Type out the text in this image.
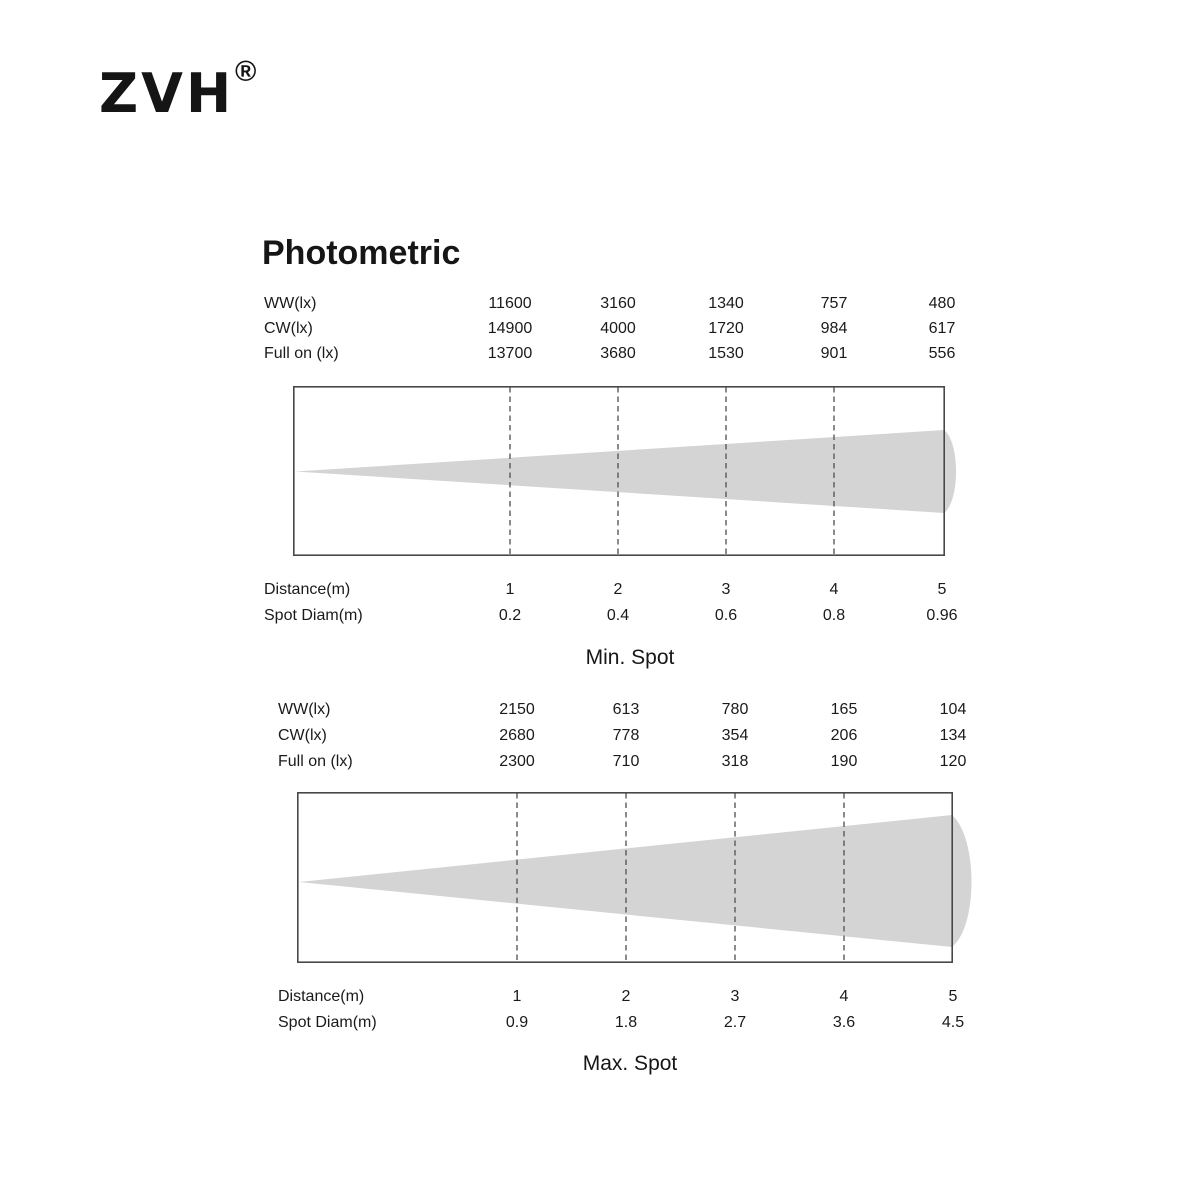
ZVH ®
Photometric
WW(lx)	11600	3160	1340	757	480
CW(lx)	14900	4000	1720	984	617
Full on (lx)	13700	3680	1530	901	556
Distance(m)	1	2	3	4	5
Spot Diam(m)	0.2	0.4	0.6	0.8	0.96
Min. Spot
WW(lx)	2150	613	780	165	104
CW(lx)	2680	778	354	206	134
Full on (lx)	2300	710	318	190	120
Distance(m)	1	2	3	4	5
Spot Diam(m)	0.9	1.8	2.7	3.6	4.5
Max. Spot
